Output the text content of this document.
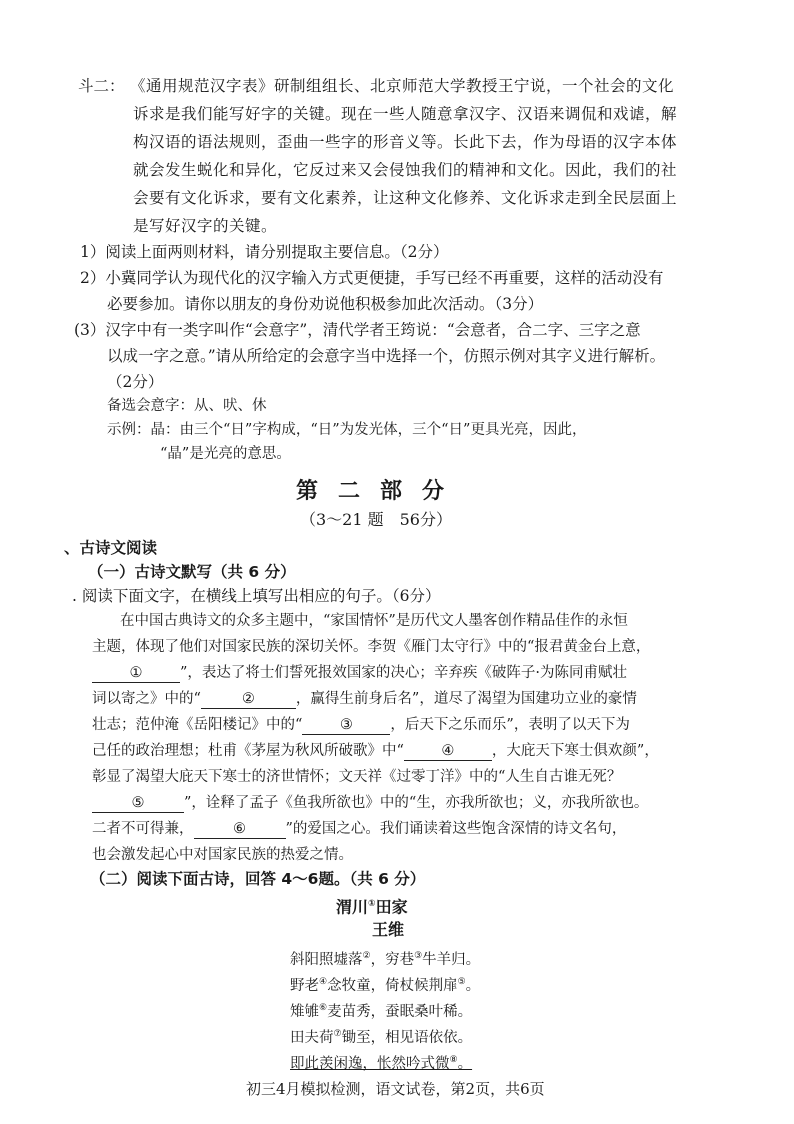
斗二： 《通用规范汉字表》研制组组长、北京师范大学教授王宁说，一个社会的文化
诉求是我们能写好字的关键。现在一些人随意拿汉字、汉语来调侃和戏谑，解
构汉语的语法规则，歪曲一些字的形音义等。长此下去，作为母语的汉字本体
就会发生蜕化和异化，它反过来又会侵蚀我们的精神和文化。因此，我们的社
会要有文化诉求，要有文化素养，让这种文化修养、文化诉求走到全民层面上
是写好汉字的关键。
1）阅读上面两则材料，请分别提取主要信息。（2分）
2）小冀同学认为现代化的汉字输入方式更便捷，手写已经不再重要，这样的活动没有
必要参加。请你以朋友的身份劝说他积极参加此次活动。（3分）
(3）汉字中有一类字叫作“会意字”，清代学者王筠说：“会意者，合二字、三字之意
以成一字之意。”请从所给定的会意字当中选择一个，仿照示例对其字义进行解析。
（2分）
备选会意字：从、吠、休
示例：晶：由三个“日”字构成，“日”为发光体，三个“日”更具光亮，因此，
“晶”是光亮的意思。
第二部分
（3～21 题　56分）
、古诗文阅读
（一）古诗文默写（共 6 分）
. 阅读下面文字，在横线上填写出相应的句子。（6分）
在中国古典诗文的众多主题中，“家国情怀”是历代文人墨客创作精品佳作的永恒
主题，体现了他们对国家民族的深切关怀。李贺《雁门太守行》中的“报君黄金台上意，
①	”，表达了将士们誓死报效国家的决心；辛弃疾《破阵子·为陈同甫赋壮
词以寄之》中的“	②	，赢得生前身后名”，道尽了渴望为国建功立业的豪情
壮志；范仲淹《岳阳楼记》中的“	③	，后天下之乐而乐”，表明了以天下为
己任的政治理想；杜甫《茅屋为秋风所破歌》中“	④	，大庇天下寒士俱欢颜”，
彰显了渴望大庇天下寒士的济世情怀；文天祥《过零丁洋》中的“人生自古谁无死？
⑤	”，诠释了孟子《鱼我所欲也》中的“生，亦我所欲也；义，亦我所欲也。
二者不可得兼，	⑥	”的爱国之心。我们诵读着这些饱含深情的诗文名句，
也会激发起心中对国家民族的热爱之情。
（二）阅读下面古诗，回答 4～6题。（共 6 分）
渭川①田家
王维
斜阳照墟落②，穷巷③牛羊归。
野老④念牧童，倚杖候荆扉⑤。
雉雊⑥麦苗秀，蚕眠桑叶稀。
田夫荷⑦锄至，相见语依依。
即此羡闲逸，怅然吟式微⑧。
初三4月模拟检测，语文试卷，第2页，共6页
